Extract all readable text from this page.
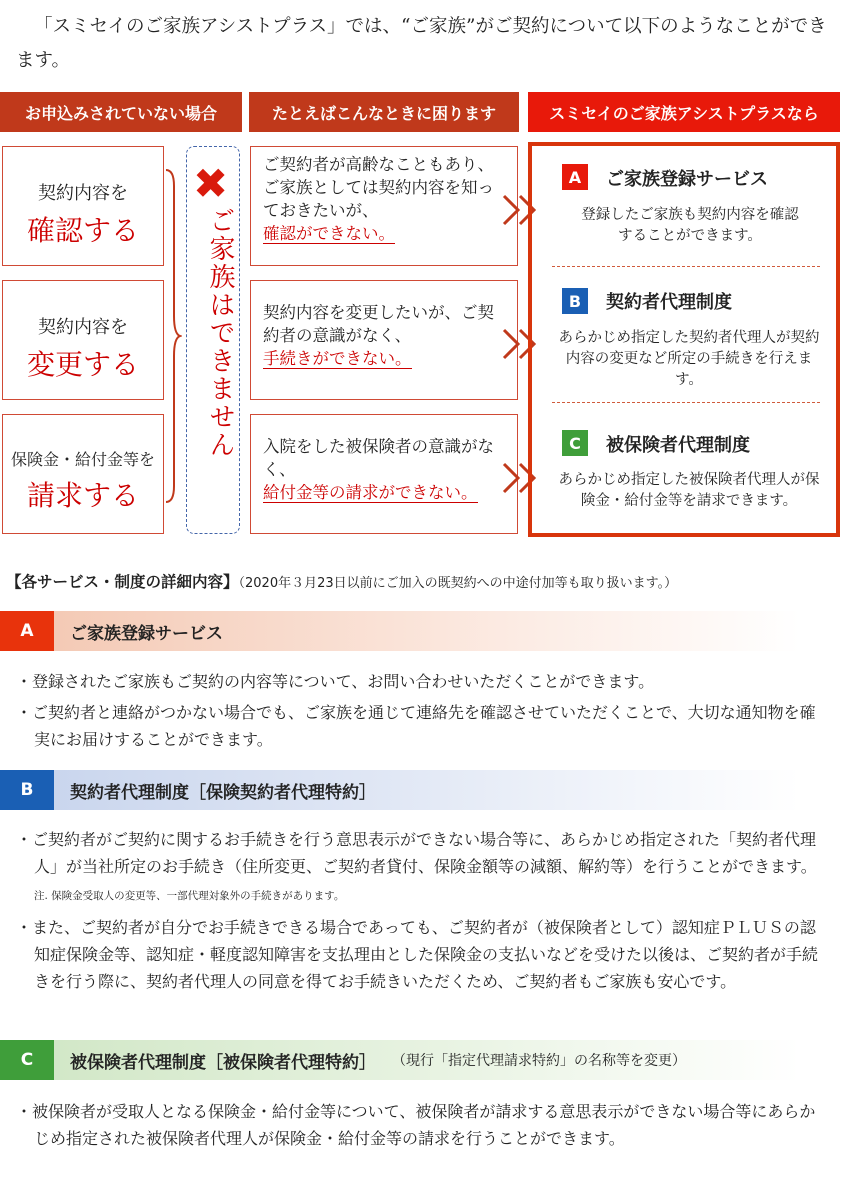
「スミセイのご家族アシストプラス」では、“ご家族”がご契約について以下のようなことができます。
お申込みされていない場合	たとえばこんなときに困ります	スミセイのご家族アシストプラスなら
契約内容を
確認する
契約内容を
変更する
保険金・給付金等を
請求する
ご家族はできません
✖	ご契約者が高齢なこともあり、ご家族としては契約内容を知っておきたいが、
確認ができない。
契約内容を変更したいが、ご契約者の意識がなく、
手続きができない。
入院をした被保険者の意識がなく、
給付金等の請求ができない。
A	ご家族登録サービス
登録したご家族も契約内容を確認することができます。
B	契約者代理制度
あらかじめ指定した契約者代理人が契約内容の変更など所定の手続きを行えます。
C	被保険者代理制度
あらかじめ指定した被保険者代理人が保険金・給付金等を請求できます。
【各サービス・制度の詳細内容】（2020年３月23日以前にご加入の既契約への中途付加等も取り扱います。）
A	ご家族登録サービス

・登録されたご家族もご契約の内容等について、お問い合わせいただくことができます。

・ご契約者と連絡がつかない場合でも、ご家族を通じて連絡先を確認させていただくことで、大切な通知物を確実にお届けすることができます。

B	契約者代理制度［保険契約者代理特約］

・ご契約者がご契約に関するお手続きを行う意思表示ができない場合等に、あらかじめ指定された「契約者代理人」が当社所定のお手続き（住所変更、ご契約者貸付、保険金額等の減額、解約等）を行うことができます。　注. 保険金受取人の変更等、一部代理対象外の手続きがあります。

・また、ご契約者が自分でお手続きできる場合であっても、ご契約者が（被保険者として）認知症ＰＬＵＳの認知症保険金等、認知症・軽度認知障害を支払理由とした保険金の支払いなどを受けた以後は、ご契約者が手続きを行う際に、契約者代理人の同意を得てお手続きいただくため、ご契約者もご家族も安心です。

C	被保険者代理制度［被保険者代理特約］ （現行「指定代理請求特約」の名称等を変更）

・被保険者が受取人となる保険金・給付金等について、被保険者が請求する意思表示ができない場合等にあらかじめ指定された被保険者代理人が保険金・給付金等の請求を行うことができます。
